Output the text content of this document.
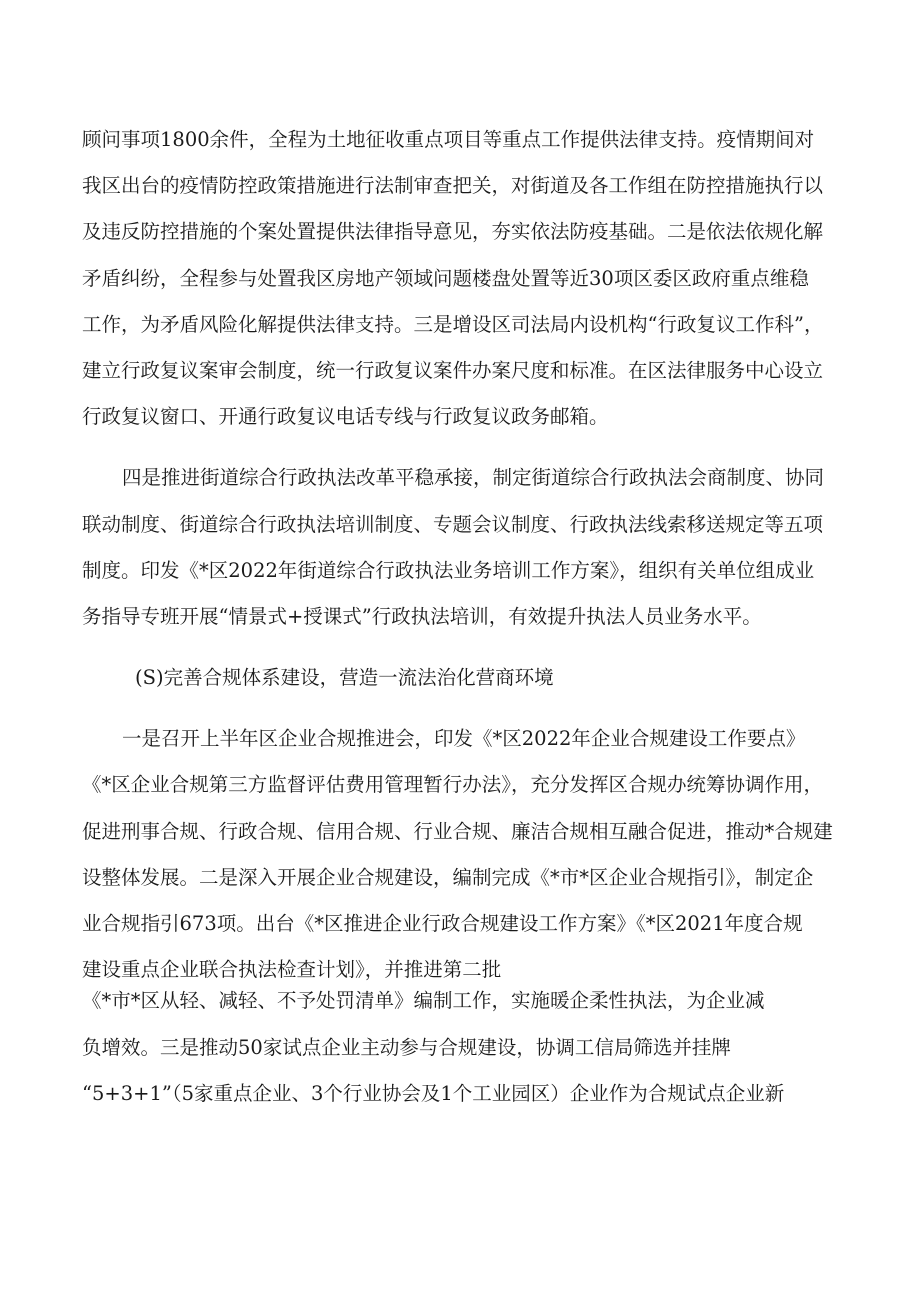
顾问事项1800余件，全程为土地征收重点项目等重点工作提供法律支持。疫情期间对
我区出台的疫情防控政策措施进行法制审查把关，对街道及各工作组在防控措施执行以
及违反防控措施的个案处置提供法律指导意见，夯实依法防疫基础。二是依法依规化解
矛盾纠纷，全程参与处置我区房地产领域问题楼盘处置等近30项区委区政府重点维稳
工作，为矛盾风险化解提供法律支持。三是增设区司法局内设机构“行政复议工作科”，
建立行政复议案审会制度，统一行政复议案件办案尺度和标准。在区法律服务中心设立
行政复议窗口、开通行政复议电话专线与行政复议政务邮箱。
四是推进街道综合行政执法改革平稳承接，制定街道综合行政执法会商制度、协同
联动制度、街道综合行政执法培训制度、专题会议制度、行政执法线索移送规定等五项
制度。印发《*区2022年街道综合行政执法业务培训工作方案》，组织有关单位组成业
务指导专班开展“情景式+授课式”行政执法培训，有效提升执法人员业务水平。
(S)完善合规体系建设，营造一流法治化营商环境
一是召开上半年区企业合规推进会，印发《*区2022年企业合规建设工作要点》
《*区企业合规第三方监督评估费用管理暂行办法》，充分发挥区合规办统筹协调作用，
促进刑事合规、行政合规、信用合规、行业合规、廉洁合规相互融合促进，推动*合规建
设整体发展。二是深入开展企业合规建设，编制完成《*市*区企业合规指引》，制定企
业合规指引673项。出台《*区推进企业行政合规建设工作方案》《*区2021年度合规
建设重点企业联合执法检查计划》，并推进第二批
《*市*区从轻、减轻、不予处罚清单》编制工作，实施暖企柔性执法，为企业减
负增效。三是推动50家试点企业主动参与合规建设，协调工信局筛选并挂牌
“5+3+1”（5家重点企业、3个行业协会及1个工业园区）企业作为合规试点企业新
